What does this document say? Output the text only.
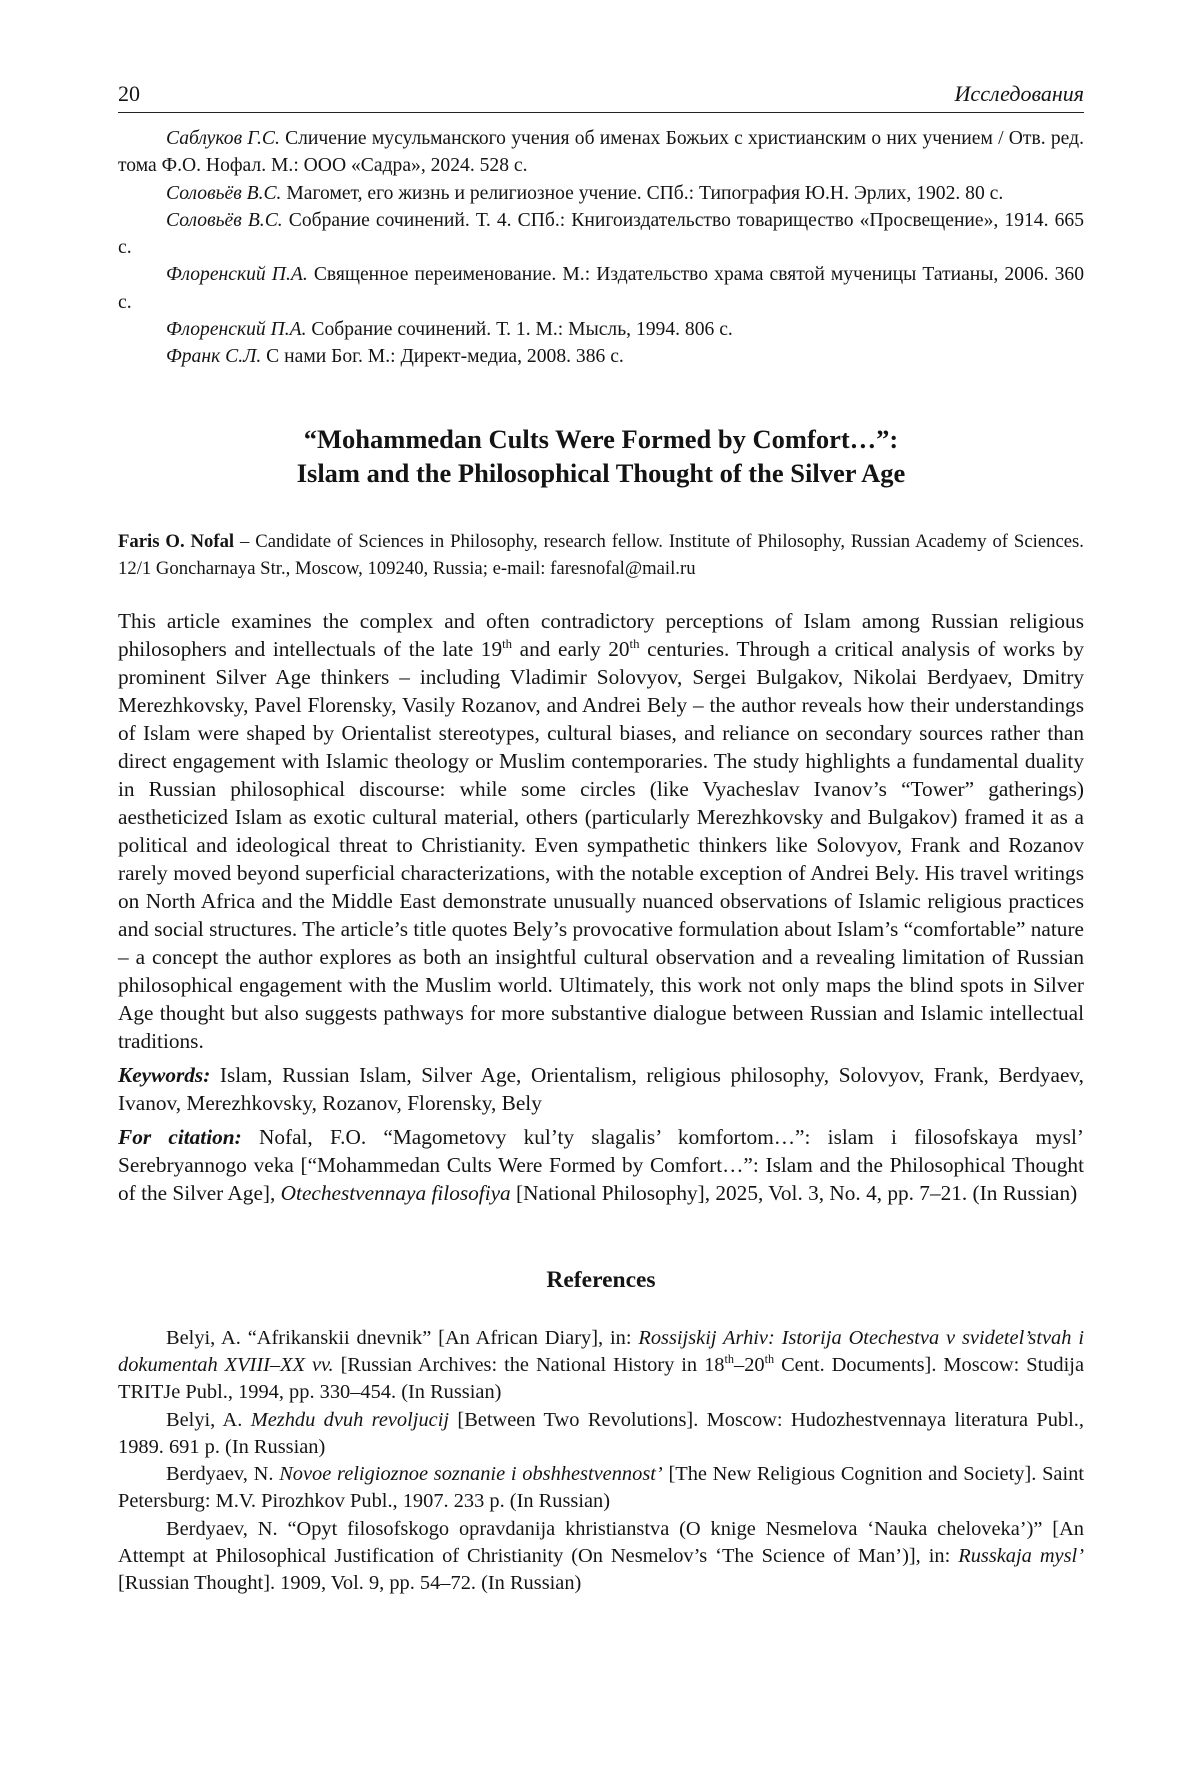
20	Исследования

Саблуков Г.С. Сличение мусульманского учения об именах Божьих с христианским о них учением / Отв. ред. тома Ф.О. Нофал. М.: ООО «Садра», 2024. 528 с.

Соловьёв В.С. Магомет, его жизнь и религиозное учение. СПб.: Типография Ю.Н. Эрлих, 1902. 80 с.

Соловьёв В.С. Собрание сочинений. Т. 4. СПб.: Книгоиздательство товарищество «Просвещение», 1914. 665 с.

Флоренский П.А. Священное переименование. М.: Издательство храма святой мученицы Татианы, 2006. 360 с.

Флоренский П.А. Собрание сочинений. Т. 1. М.: Мысль, 1994. 806 с.

Франк С.Л. С нами Бог. М.: Директ-медиа, 2008. 386 с.

“Mohammedan Cults Were Formed by Comfort…”:
Islam and the Philosophical Thought of the Silver Age
Faris O. Nofal – Candidate of Sciences in Philosophy, research fellow. Institute of Philosophy, Russian Academy of Sciences. 12/1 Goncharnaya Str., Moscow, 109240, Russia; e-mail: faresnofal@mail.ru

This article examines the complex and often contradictory perceptions of Islam among Russian religious philosophers and intellectuals of the late 19th and early 20th centuries. Through a critical analysis of works by prominent Silver Age thinkers – including Vladimir Solovyov, Sergei Bulgakov, Nikolai Berdyaev, Dmitry Merezhkovsky, Pavel Florensky, Vasily Rozanov, and Andrei Bely – the author reveals how their understandings of Islam were shaped by Orientalist stereotypes, cultural biases, and reliance on secondary sources rather than direct engagement with Islamic theology or Muslim contemporaries. The study highlights a fundamental duality in Russian philosophical discourse: while some circles (like Vyacheslav Ivanov’s “Tower” gatherings) aestheticized Islam as exotic cultural material, others (particularly Merezhkovsky and Bulgakov) framed it as a political and ideological threat to Christianity. Even sympathetic thinkers like Solovyov, Frank and Rozanov rarely moved beyond superficial characterizations, with the notable exception of Andrei Bely. His travel writings on North Africa and the Middle East demonstrate unusually nuanced observations of Islamic religious practices and social structures. The article’s title quotes Bely’s provocative formulation about Islam’s “comfortable” nature – a concept the author explores as both an insightful cultural observation and a revealing limitation of Russian philosophical engagement with the Muslim world. Ultimately, this work not only maps the blind spots in Silver Age thought but also suggests pathways for more substantive dialogue between Russian and Islamic intellectual traditions.

Keywords: Islam, Russian Islam, Silver Age, Orientalism, religious philosophy, Solovyov, Frank, Berdyaev, Ivanov, Merezhkovsky, Rozanov, Florensky, Bely

For citation: Nofal, F.O. “Magometovy kul’ty slagalis’ komfortom…”: islam i filosofskaya mysl’ Serebryannogo veka [“Mohammedan Cults Were Formed by Comfort…”: Islam and the Philosophical Thought of the Silver Age], Otechestvennaya filosofiya [National Philosophy], 2025, Vol. 3, No. 4, pp. 7–21. (In Russian)

References

Belyi, A. “Afrikanskii dnevnik” [An African Diary], in: Rossijskij Arhiv: Istorija Otechestva v svidetel’stvah i dokumentah XVIII–XX vv. [Russian Archives: the National History in 18th–20th Cent. Documents]. Moscow: Studija TRITJe Publ., 1994, pp. 330–454. (In Russian)

Belyi, A. Mezhdu dvuh revoljucij [Between Two Revolutions]. Moscow: Hudozhestvennaya literatura Publ., 1989. 691 p. (In Russian)

Berdyaev, N. Novoe religioznoe soznanie i obshhestvennost’ [The New Religious Cognition and Society]. Saint Petersburg: M.V. Pirozhkov Publ., 1907. 233 p. (In Russian)

Berdyaev, N. “Opyt filosofskogo opravdanija khristianstva (O knige Nesmelova ‘Nauka cheloveka’)” [An Attempt at Philosophical Justification of Christianity (On Nesmelov’s ‘The Science of Man’)], in: Russkaja mysl’ [Russian Thought]. 1909, Vol. 9, pp. 54–72. (In Russian)
